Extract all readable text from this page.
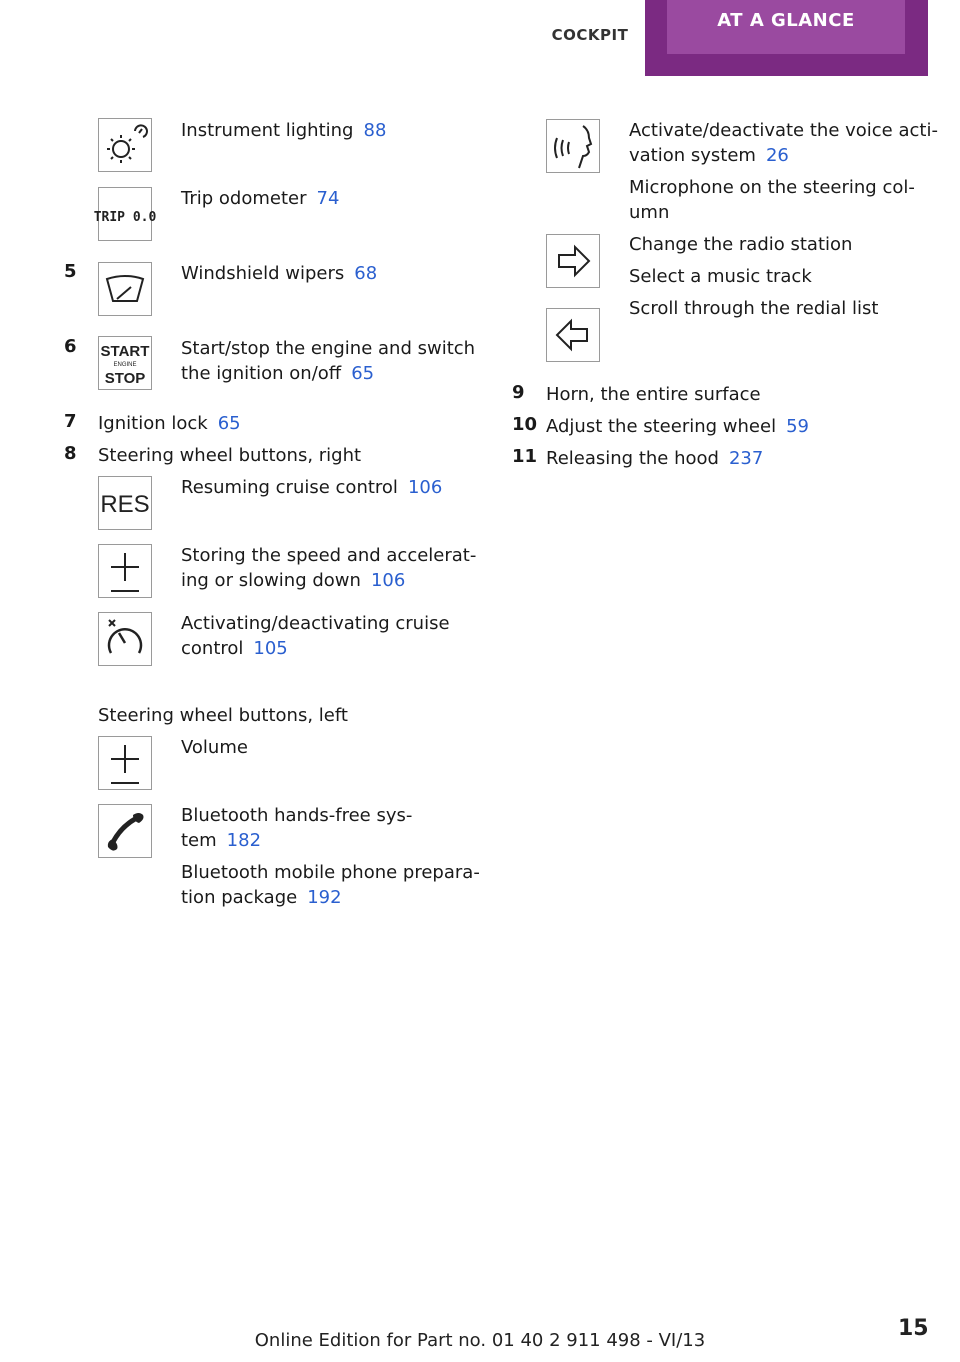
COCKPIT
AT A GLANCE
Instrument lighting 88
TRIP 0.0
Trip odometer 74
5	Windshield wipers 68
6 START
ENGINE
STOP
Start/stop the engine and switch
the ignition on/off 65
7 Ignition lock 65
8 Steering wheel buttons, right
RES
Resuming cruise control 106
Storing the speed and accelerat‐
ing or slowing down 106
Activating/deactivating cruise
control 105
Steering wheel buttons, left
Volume
Bluetooth hands-free sys‐
tem 182
Bluetooth mobile phone prepara‐
tion package 192
Activate/deactivate the voice acti‐
vation system 26
Microphone on the steering col‐
umn
Change the radio station
Select a music track
Scroll through the redial list
9 Horn, the entire surface
10 Adjust the steering wheel 59
11 Releasing the hood 237
15
Online Edition for Part no. 01 40 2 911 498 - VI/13
